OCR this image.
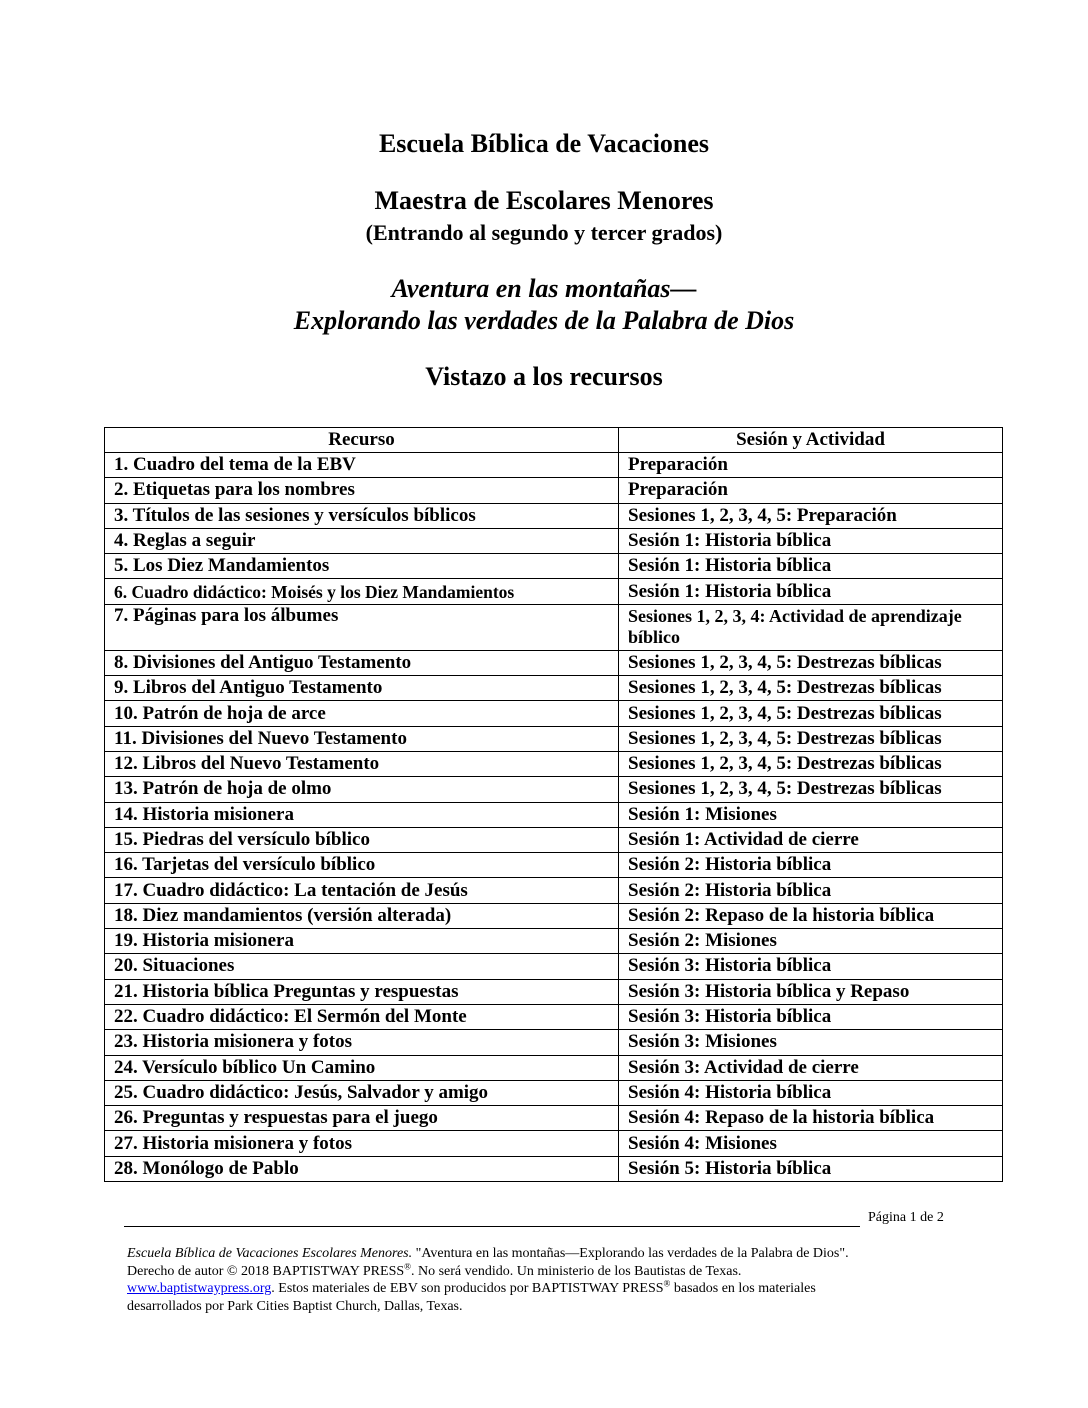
Escuela Bíblica de Vacaciones
Maestra de Escolares Menores
(Entrando al segundo y tercer grados)
Aventura en las montañas—
Explorando las verdades de la Palabra de Dios
Vistazo a los recursos
Recurso	Sesión y Actividad
1. Cuadro del tema de la EBV	Preparación
2. Etiquetas para los nombres	Preparación
3. Títulos de las sesiones y versículos bíblicos	Sesiones 1, 2, 3, 4, 5: Preparación
4. Reglas a seguir	Sesión 1: Historia bíblica
5. Los Diez Mandamientos	Sesión 1: Historia bíblica
6. Cuadro didáctico: Moisés y los Diez Mandamientos	Sesión 1: Historia bíblica
7. Páginas para los álbumes	Sesiones 1, 2, 3, 4: Actividad de aprendizaje bíblico
8. Divisiones del Antiguo Testamento	Sesiones 1, 2, 3, 4, 5: Destrezas bíblicas
9. Libros del Antiguo Testamento	Sesiones 1, 2, 3, 4, 5: Destrezas bíblicas
10. Patrón de hoja de arce	Sesiones 1, 2, 3, 4, 5: Destrezas bíblicas
11. Divisiones del Nuevo Testamento	Sesiones 1, 2, 3, 4, 5: Destrezas bíblicas
12. Libros del Nuevo Testamento	Sesiones 1, 2, 3, 4, 5: Destrezas bíblicas
13. Patrón de hoja de olmo	Sesiones 1, 2, 3, 4, 5: Destrezas bíblicas
14. Historia misionera	Sesión 1: Misiones
15. Piedras del versículo bíblico	Sesión 1: Actividad de cierre
16. Tarjetas del versículo bíblico	Sesión 2: Historia bíblica
17. Cuadro didáctico: La tentación de Jesús	Sesión 2: Historia bíblica
18. Diez mandamientos (versión alterada)	Sesión 2: Repaso de la historia bíblica
19. Historia misionera	Sesión 2: Misiones
20. Situaciones	Sesión 3: Historia bíblica
21. Historia bíblica Preguntas y respuestas	Sesión 3: Historia bíblica y Repaso
22. Cuadro didáctico: El Sermón del Monte	Sesión 3: Historia bíblica
23. Historia misionera y fotos	Sesión 3: Misiones
24. Versículo bíblico Un Camino	Sesión 3: Actividad de cierre
25. Cuadro didáctico: Jesús, Salvador y amigo	Sesión 4: Historia bíblica
26. Preguntas y respuestas para el juego	Sesión 4: Repaso de la historia bíblica
27. Historia misionera y fotos	Sesión 4: Misiones
28. Monólogo de Pablo	Sesión 5: Historia bíblica
Página 1 de 2
Escuela Bíblica de Vacaciones Escolares Menores. "Aventura en las montañas—Explorando las verdades de la Palabra de Dios".
Derecho de autor © 2018 BAPTISTWAY PRESS®. No será vendido. Un ministerio de los Bautistas de Texas.
www.baptistwaypress.org. Estos materiales de EBV son producidos por BAPTISTWAY PRESS® basados en los materiales
desarrollados por Park Cities Baptist Church, Dallas, Texas.
